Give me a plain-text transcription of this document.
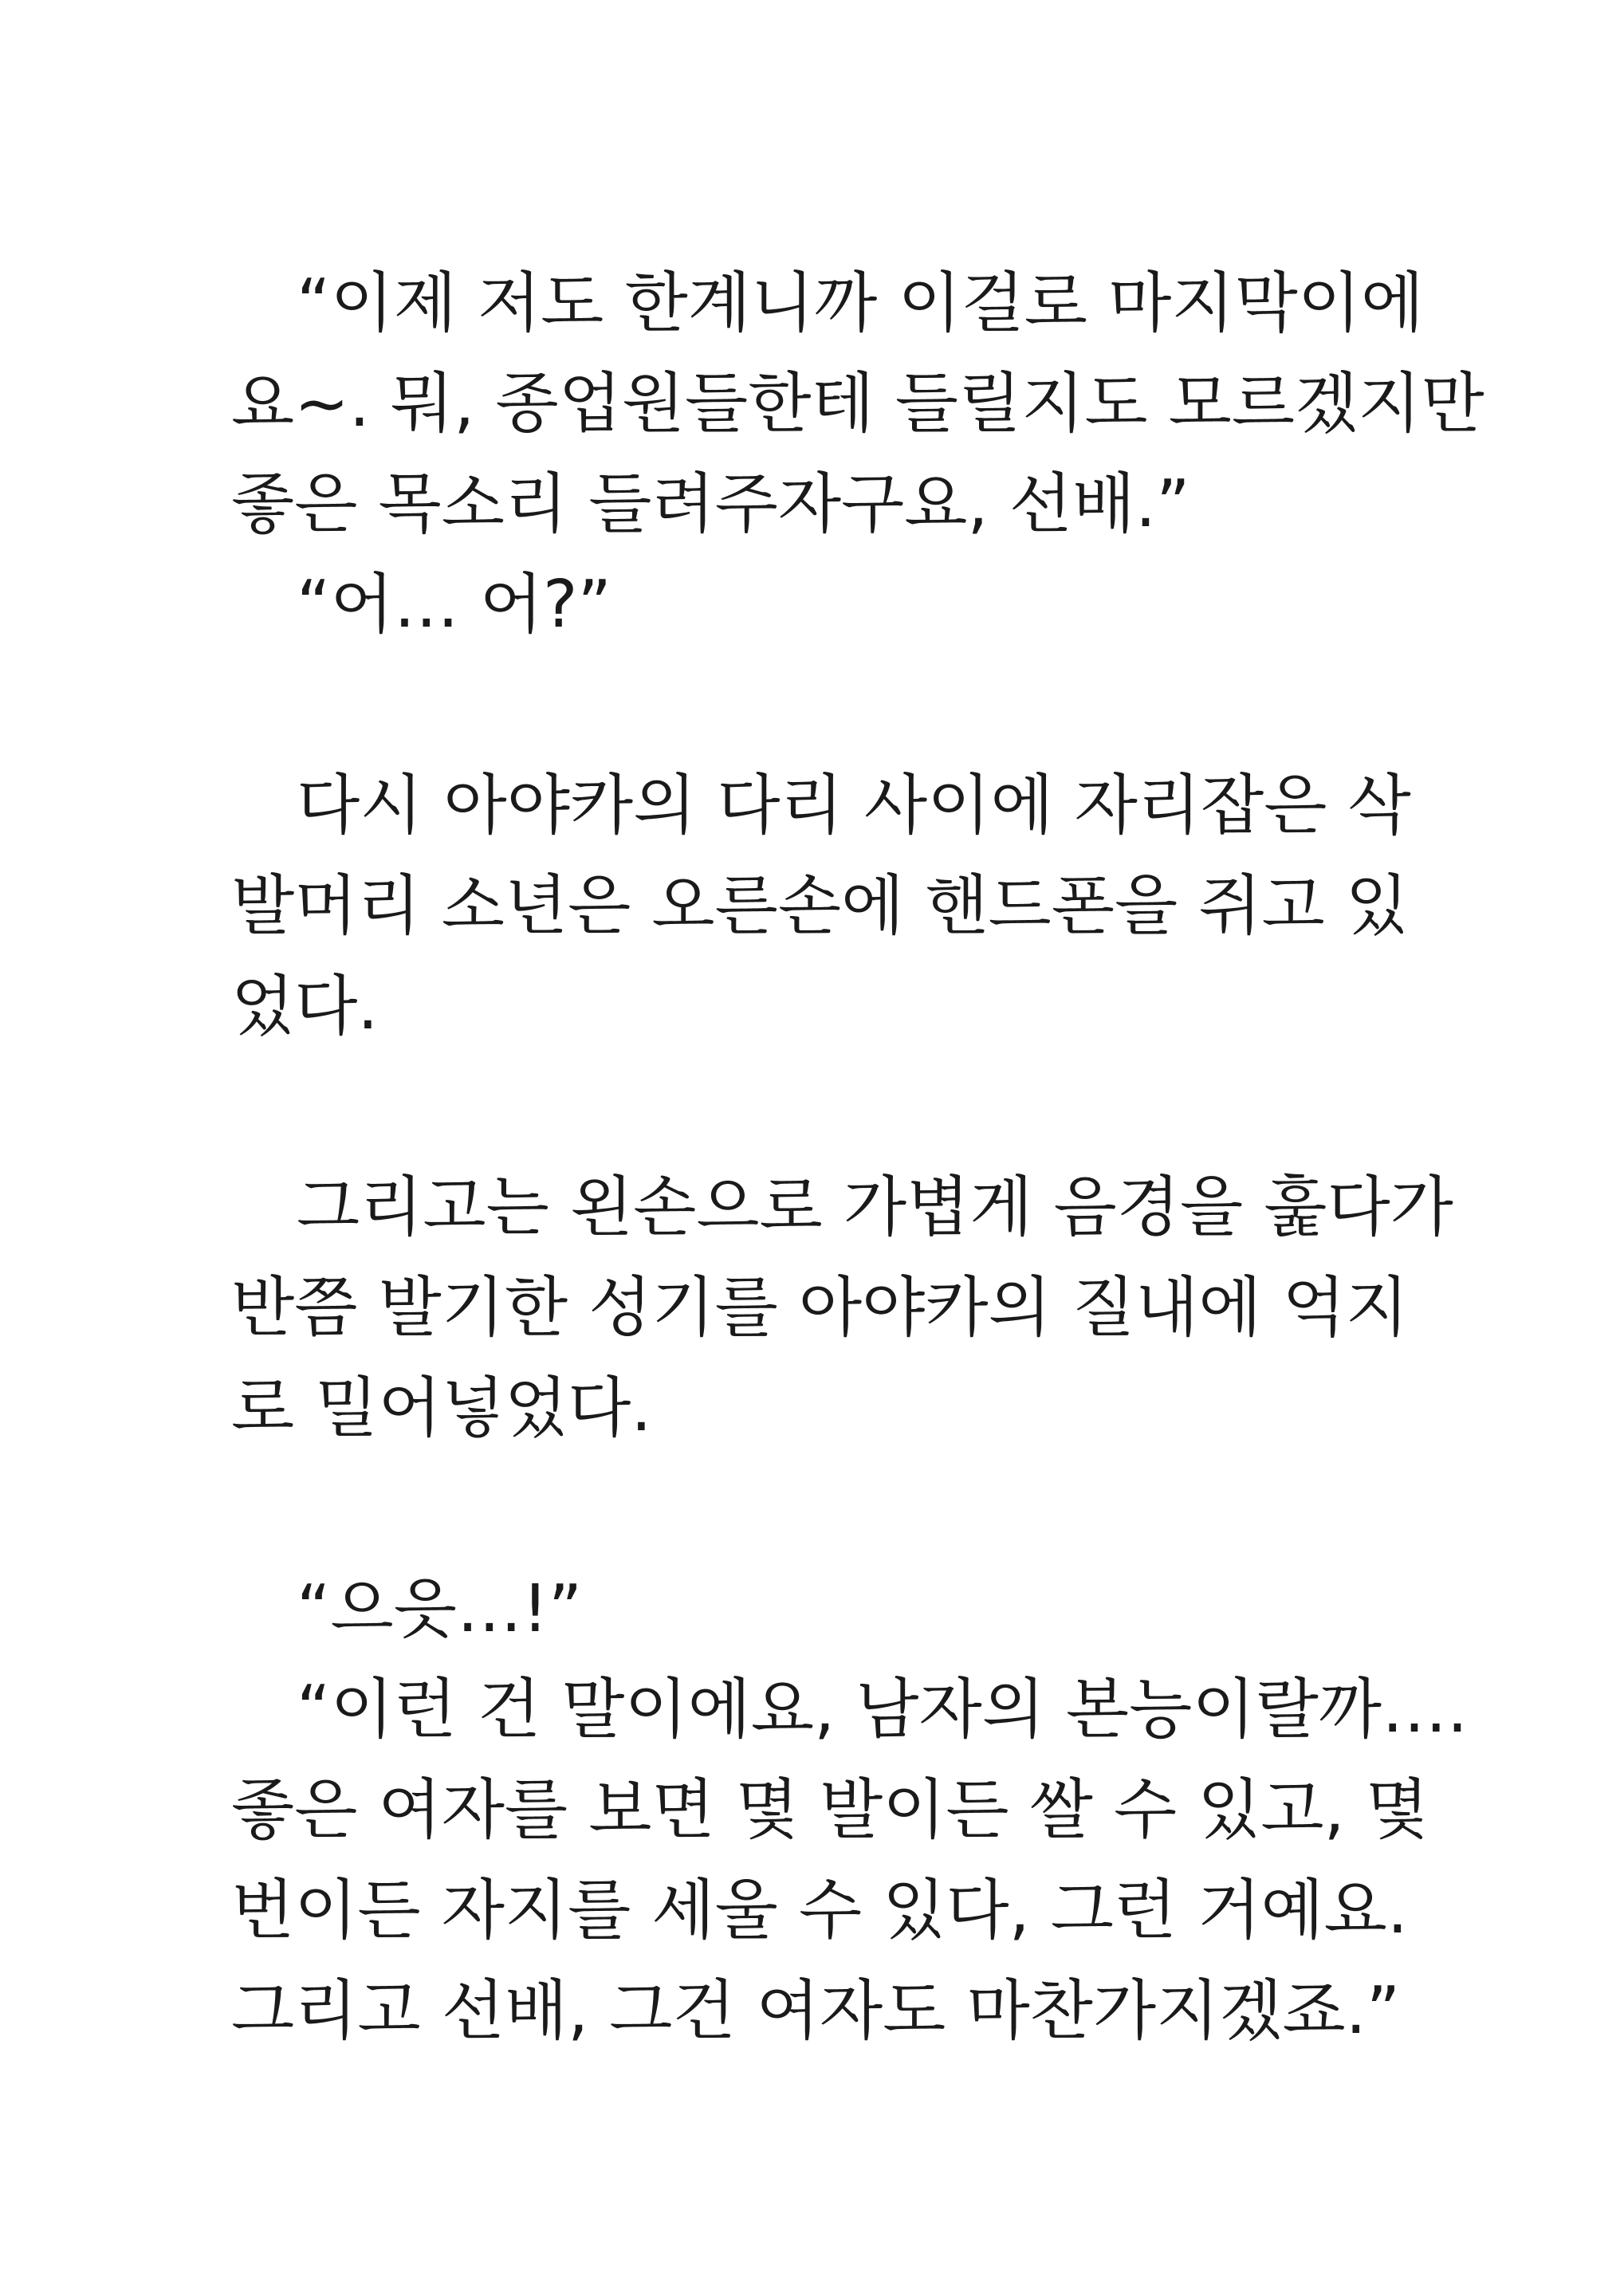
“이제 저도 한계니까 이걸로 마지막이에
요~. 뭐, 종업원들한테 들릴지도 모르겠지만
좋은 목소리 들려주자구요, 선배.”
“어… 어?”
다시 아야카의 다리 사이에 자리잡은 삭
발머리 소년은 오른손에 핸드폰을 쥐고 있
었다.
그리고는 왼손으로 가볍게 음경을 훑다가
반쯤 발기한 성기를 아야카의 질내에 억지
로 밀어넣었다.
“으읏…!”
“이런 건 말이에요, 남자의 본능이랄까….
좋은 여자를 보면 몇 발이든 쌀 수 있고, 몇
번이든 자지를 세울 수 있다, 그런 거예요.
그리고 선배, 그건 여자도 마찬가지겠죠.”
